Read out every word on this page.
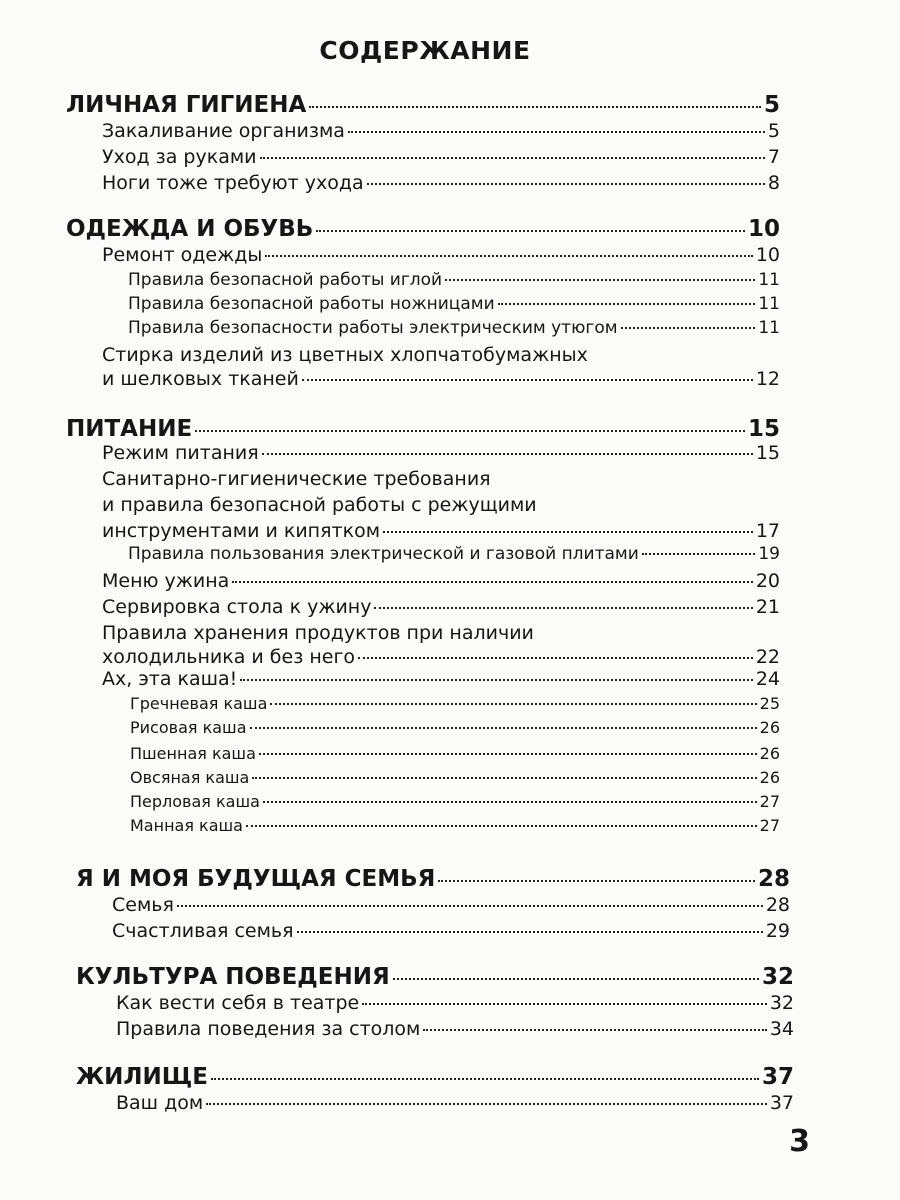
СОДЕРЖАНИЕ
ЛИЧНАЯ ГИГИЕНА	5
Закаливание организма	5
Уход за руками	7
Ноги тоже требуют ухода	8
ОДЕЖДА И ОБУВЬ	10
Ремонт одежды	10
Правила безопасной работы иглой	11
Правила безопасной работы ножницами	11
Правила безопасности работы электрическим утюгом	11
Стирка изделий из цветных хлопчатобумажных
и шелковых тканей	12
ПИТАНИЕ	15
Режим питания	15
Санитарно-гигиенические требования
и правила безопасной работы с режущими
инструментами и кипятком	17
Правила пользования электрической и газовой плитами	19
Меню ужина	20
Сервировка стола к ужину	21
Правила хранения продуктов при наличии
холодильника и без него	22
Ах, эта каша!	24
Гречневая каша	25
Рисовая каша	26
Пшенная каша	26
Овсяная каша	26
Перловая каша	27
Манная каша	27
Я И МОЯ БУДУЩАЯ СЕМЬЯ	28
Семья	28
Счастливая семья	29
КУЛЬТУРА ПОВЕДЕНИЯ	32
Как вести себя в театре	32
Правила поведения за столом	34
ЖИЛИЩЕ	37
Ваш дом	37
3
